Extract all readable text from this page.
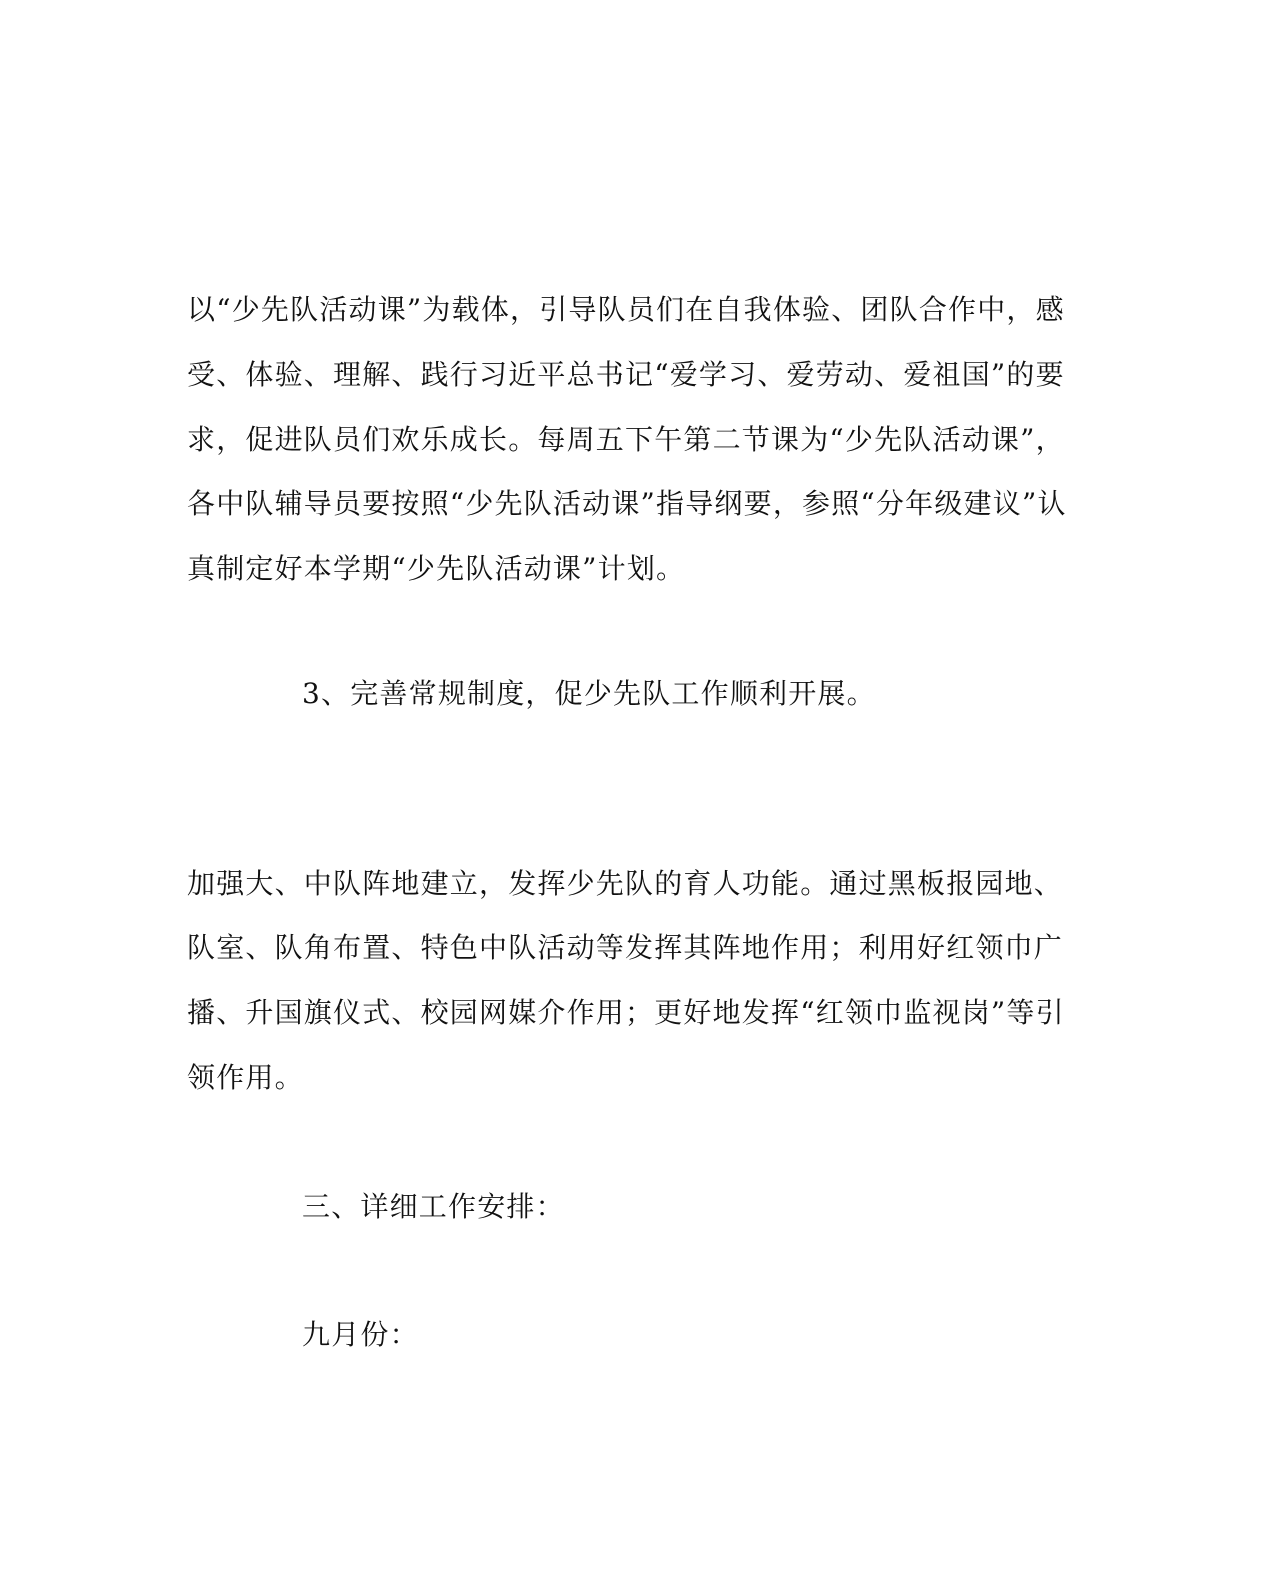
以“少先队活动课”为载体，引导队员们在自我体验、团队合作中，感
受、体验、理解、践行习近平总书记“爱学习、爱劳动、爱祖国”的要
求，促进队员们欢乐成长。每周五下午第二节课为“少先队活动课”，
各中队辅导员要按照“少先队活动课”指导纲要，参照“分年级建议”认
真制定好本学期“少先队活动课”计划。
3、完善常规制度，促少先队工作顺利开展。
加强大、中队阵地建立，发挥少先队的育人功能。通过黑板报园地、
队室、队角布置、特色中队活动等发挥其阵地作用；利用好红领巾广
播、升国旗仪式、校园网媒介作用；更好地发挥“红领巾监视岗”等引
领作用。
三、详细工作安排：
九月份：
